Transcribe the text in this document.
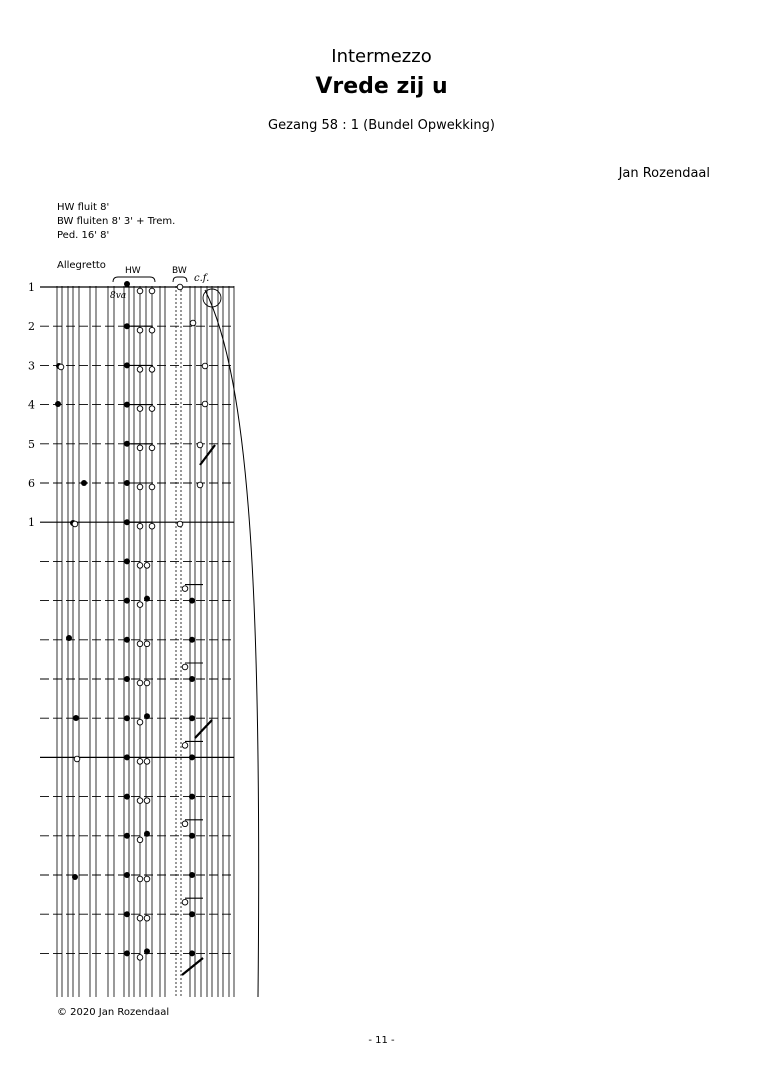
Intermezzo
Vrede zij u
Gezang 58 : 1 (Bundel Opwekking)
Jan Rozendaal
HW fluit 8'
BW fluiten 8' 3' + Trem.
Ped. 16' 8'
Allegretto HW	BW
8va
c.f.
1
2
3
4
5
6
1
© 2020 Jan Rozendaal
- 11 -
